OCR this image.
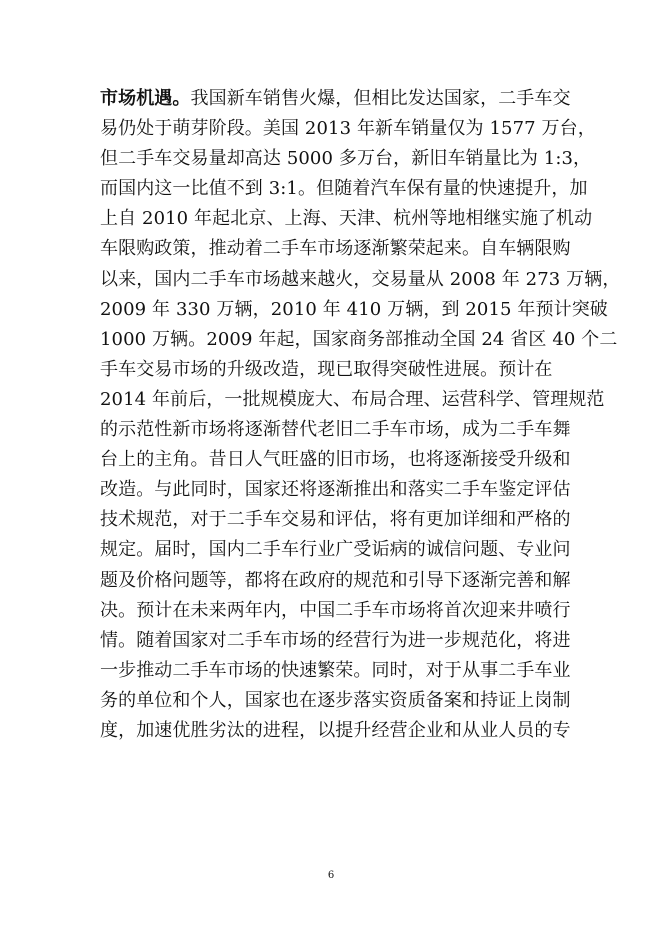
市场机遇。我国新车销售火爆，但相比发达国家，二手车交
易仍处于萌芽阶段。美国 2013 年新车销量仅为 1577 万台，
但二手车交易量却高达 5000 多万台，新旧车销量比为 1:3，
而国内这一比值不到 3:1。但随着汽车保有量的快速提升，加
上自 2010 年起北京、上海、天津、杭州等地相继实施了机动
车限购政策，推动着二手车市场逐渐繁荣起来。自车辆限购
以来，国内二手车市场越来越火，交易量从 2008 年 273 万辆，
2009 年 330 万辆，2010 年 410 万辆，到 2015 年预计突破
1000 万辆。2009 年起，国家商务部推动全国 24 省区 40 个二
手车交易市场的升级改造，现已取得突破性进展。预计在
2014 年前后，一批规模庞大、布局合理、运营科学、管理规范
的示范性新市场将逐渐替代老旧二手车市场，成为二手车舞
台上的主角。昔日人气旺盛的旧市场，也将逐渐接受升级和
改造。与此同时，国家还将逐渐推出和落实二手车鉴定评估
技术规范，对于二手车交易和评估，将有更加详细和严格的
规定。届时，国内二手车行业广受诟病的诚信问题、专业问
题及价格问题等，都将在政府的规范和引导下逐渐完善和解
决。预计在未来两年内，中国二手车市场将首次迎来井喷行
情。随着国家对二手车市场的经营行为进一步规范化，将进
一步推动二手车市场的快速繁荣。同时，对于从事二手车业
务的单位和个人，国家也在逐步落实资质备案和持证上岗制
度，加速优胜劣汰的进程，以提升经营企业和从业人员的专
6
